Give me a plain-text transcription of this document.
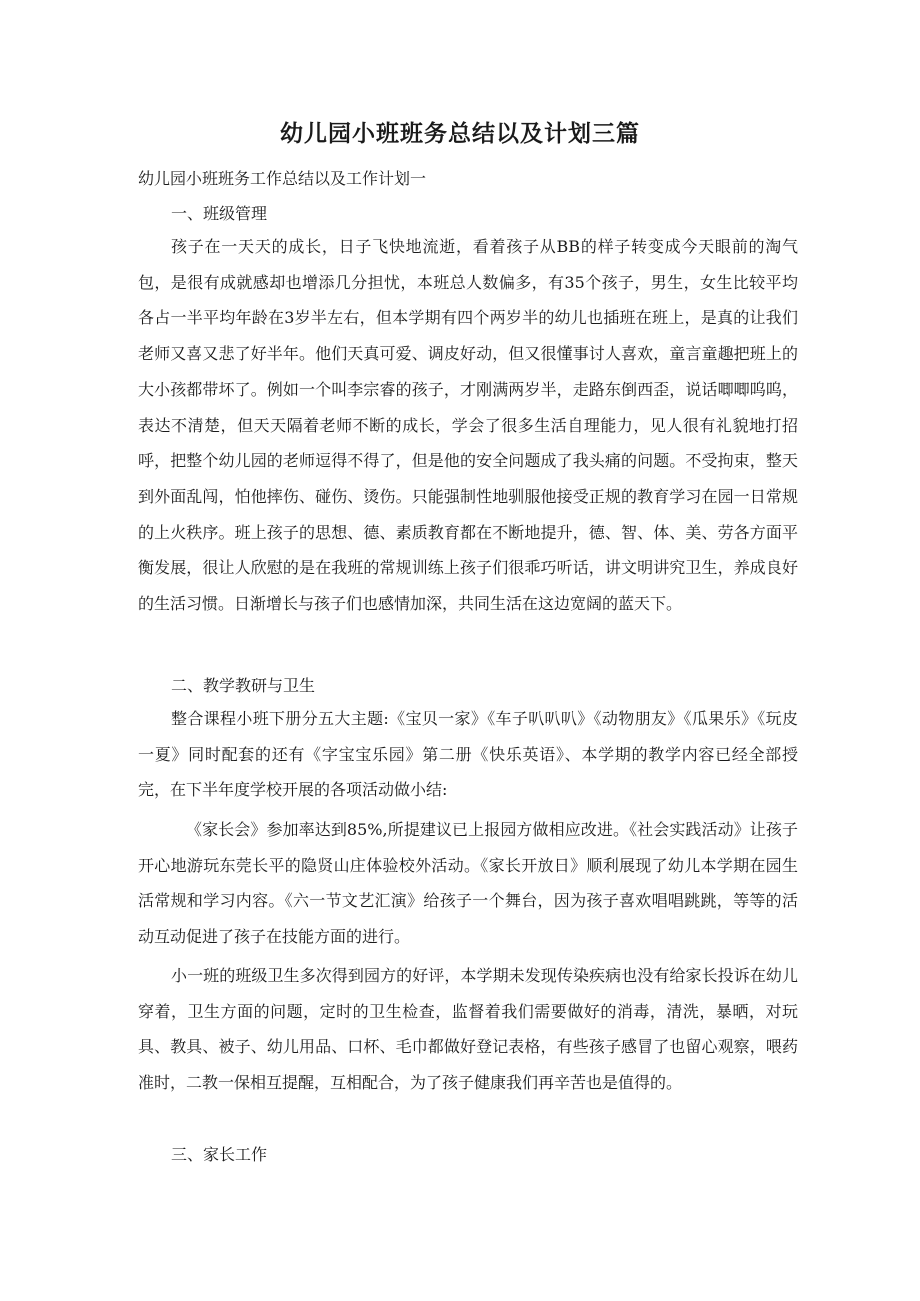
幼儿园小班班务总结以及计划三篇
幼儿园小班班务工作总结以及工作计划一
一、班级管理

孩子在一天天的成长，日子飞快地流逝，看着孩子从BB的样子转变成今天眼前的淘气包，是很有成就感却也增添几分担忧，本班总人数偏多，有35个孩子，男生，女生比较平均各占一半平均年龄在3岁半左右，但本学期有四个两岁半的幼儿也插班在班上，是真的让我们老师又喜又悲了好半年。他们天真可爱、调皮好动，但又很懂事讨人喜欢，童言童趣把班上的大小孩都带坏了。例如一个叫李宗睿的孩子，才刚满两岁半，走路东倒西歪，说话唧唧呜呜，表达不清楚，但天天隔着老师不断的成长，学会了很多生活自理能力，见人很有礼貌地打招呼，把整个幼儿园的老师逗得不得了，但是他的安全问题成了我头痛的问题。不受拘束，整天到外面乱闯，怕他摔伤、碰伤、烫伤。只能强制性地驯服他接受正规的教育学习在园一日常规的上火秩序。班上孩子的思想、德、素质教育都在不断地提升，德、智、体、美、劳各方面平衡发展，很让人欣慰的是在我班的常规训练上孩子们很乖巧听话，讲文明讲究卫生，养成良好的生活习惯。日渐增长与孩子们也感情加深，共同生活在这边宽阔的蓝天下。

二、教学教研与卫生

整合课程小班下册分五大主题:《宝贝一家》《车子叭叭叭》《动物朋友》《瓜果乐》《玩皮一夏》同时配套的还有《字宝宝乐园》第二册《快乐英语》、本学期的教学内容已经全部授完，在下半年度学校开展的各项活动做小结:

《家长会》参加率达到85%,所提建议已上报园方做相应改进。《社会实践活动》让孩子开心地游玩东莞长平的隐贤山庄体验校外活动。《家长开放日》顺利展现了幼儿本学期在园生活常规和学习内容。《六一节文艺汇演》给孩子一个舞台，因为孩子喜欢唱唱跳跳，等等的活动互动促进了孩子在技能方面的进行。

小一班的班级卫生多次得到园方的好评，本学期未发现传染疾病也没有给家长投诉在幼儿穿着，卫生方面的问题，定时的卫生检查，监督着我们需要做好的消毒，清洗，暴晒，对玩具、教具、被子、幼儿用品、口杯、毛巾都做好登记表格，有些孩子感冒了也留心观察，喂药准时，二教一保相互提醒，互相配合，为了孩子健康我们再辛苦也是值得的。

三、家长工作
